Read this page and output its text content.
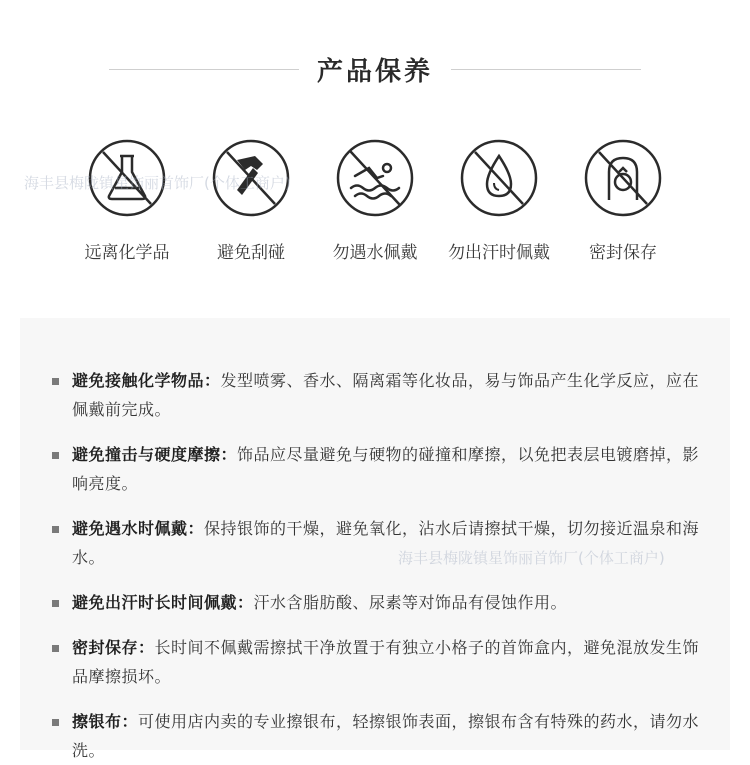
产品保养
远离化学品	避免刮碰	勿遇水佩戴 勿出汗时佩戴 密封保存
海丰县梅陇镇星饰丽首饰厂(个体工商户)
避免接触化学物品：发型喷雾、香水、隔离霜等化妆品，易与饰品产生化学反应，应在佩戴前完成。
避免撞击与硬度摩擦：饰品应尽量避免与硬物的碰撞和摩擦，以免把表层电镀磨掉，影响亮度。
避免遇水时佩戴：保持银饰的干燥，避免氧化，沾水后请擦拭干燥，切勿接近温泉和海水。
避免出汗时长时间佩戴：汗水含脂肪酸、尿素等对饰品有侵蚀作用。
密封保存：长时间不佩戴需擦拭干净放置于有独立小格子的首饰盒内，避免混放发生饰品摩擦损坏。
擦银布：可使用店内卖的专业擦银布，轻擦银饰表面，擦银布含有特殊的药水，请勿水洗。
海丰县梅陇镇星饰丽首饰厂(个体工商户)
